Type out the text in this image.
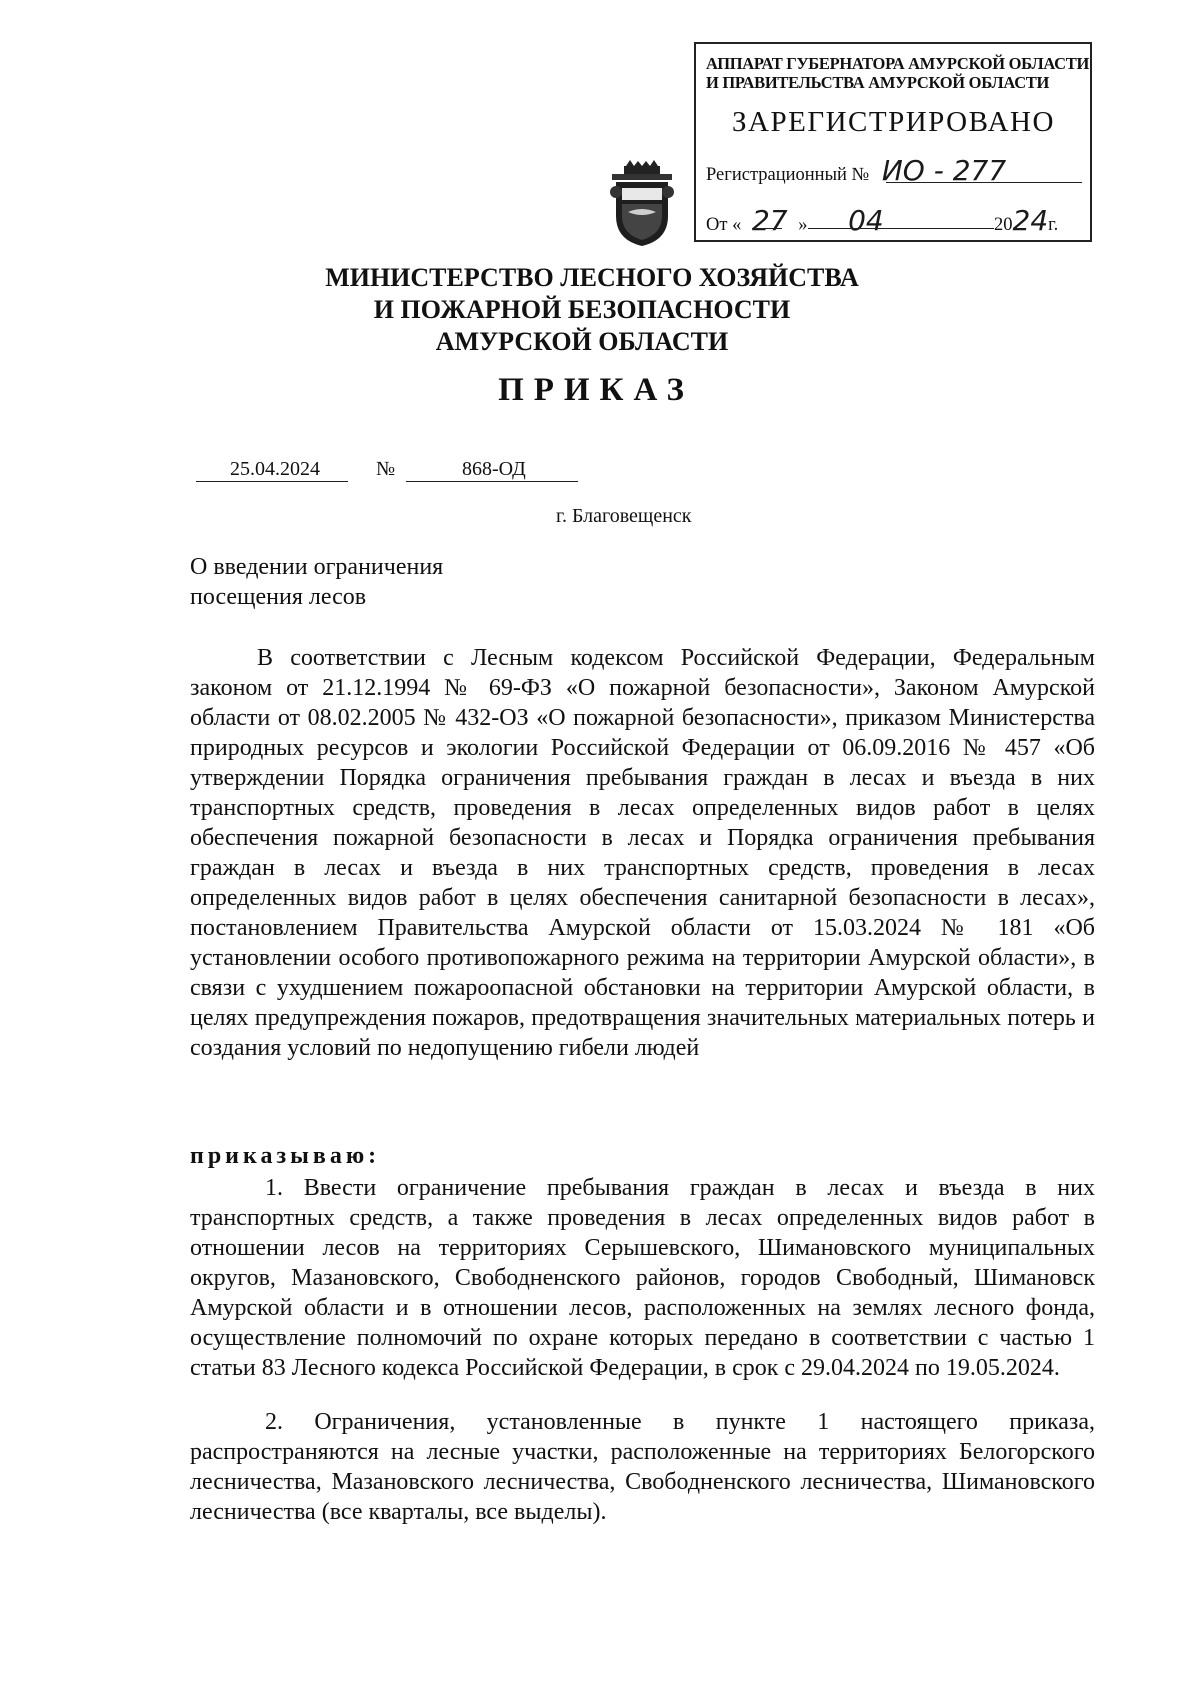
АППАРАТ ГУБЕРНАТОРА АМУРСКОЙ ОБЛАСТИ
И ПРАВИТЕЛЬСТВА АМУРСКОЙ ОБЛАСТИ
ЗАРЕГИСТРИРОВАНО
Регистрационный № ИО - 277
От « 27 » 04	2024г.
МИНИСТЕРСТВО ЛЕСНОГО ХОЗЯЙСТВА
И ПОЖАРНОЙ БЕЗОПАСНОСТИ
АМУРСКОЙ ОБЛАСТИ
ПРИКАЗ
25.04.2024	№	868-ОД
г. Благовещенск
О введении ограничения
посещения лесов

В соответствии с Лесным кодексом Российской Федерации, Федеральным законом от 21.12.1994 № 69-ФЗ «О пожарной безопасности», Законом Амурской области от 08.02.2005 № 432-ОЗ «О пожарной безопасности», приказом Министерства природных ресурсов и экологии Российской Федерации от 06.09.2016 № 457 «Об утверждении Порядка ограничения пребывания граждан в лесах и въезда в них транспортных средств, проведения в лесах определенных видов работ в целях обеспечения пожарной безопасности в лесах и Порядка ограничения пребывания граждан в лесах и въезда в них транспортных средств, проведения в лесах определенных видов работ в целях обеспечения санитарной безопасности в лесах», постановлением Правительства Амурской области от 15.03.2024 № 181 «Об установлении особого противопожарного режима на территории Амурской области», в связи с ухудшением пожароопасной обстановки на территории Амурской области, в целях предупреждения пожаров, предотвращения значительных материальных потерь и создания условий по недопущению гибели людей

приказываю:

1. Ввести ограничение пребывания граждан в лесах и въезда в них транспортных средств, а также проведения в лесах определенных видов работ в отношении лесов на территориях Серышевского, Шимановского муниципальных округов, Мазановского, Свободненского районов, городов Свободный, Шимановск Амурской области и в отношении лесов, расположенных на землях лесного фонда, осуществление полномочий по охране которых передано в соответствии с частью 1 статьи 83 Лесного кодекса Российской Федерации, в срок с 29.04.2024 по 19.05.2024.

2. Ограничения, установленные в пункте 1 настоящего приказа, распространяются на лесные участки, расположенные на территориях Белогорского лесничества, Мазановского лесничества, Свободненского лесничества, Шимановского лесничества (все кварталы, все выделы).
